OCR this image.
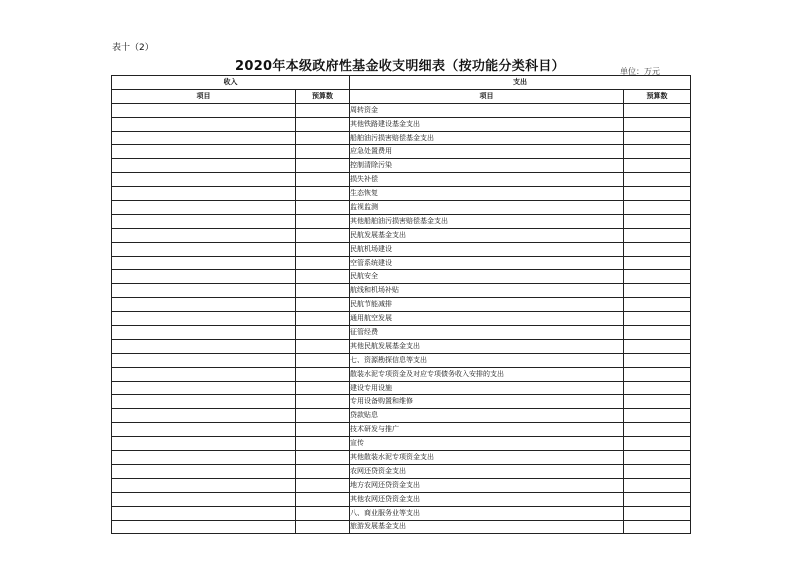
表十（2）
2020年本级政府性基金收支明细表（按功能分类科目）	单位：万元
收入		支出	
项目	预算数	项目	预算数
		周转资金	
		其他铁路建设基金支出	
		船舶油污损害赔偿基金支出	
		应急处置费用	
		控制清除污染	
		损失补偿	
		生态恢复	
		监视监测	
		其他船舶油污损害赔偿基金支出	
		民航发展基金支出	
		民航机场建设	
		空管系统建设	
		民航安全	
		航线和机场补贴	
		民航节能减排	
		通用航空发展	
		征管经费	
		其他民航发展基金支出	
		七、资源勘探信息等支出	
		散装水泥专项资金及对应专项债务收入安排的支出	
		建设专用设施	
		专用设备购置和维修	
		贷款贴息	
		技术研发与推广	
		宣传	
		其他散装水泥专项资金支出	
		农网还贷资金支出	
		地方农网还贷资金支出	
		其他农网还贷资金支出	
		八、商业服务业等支出	
		旅游发展基金支出	
